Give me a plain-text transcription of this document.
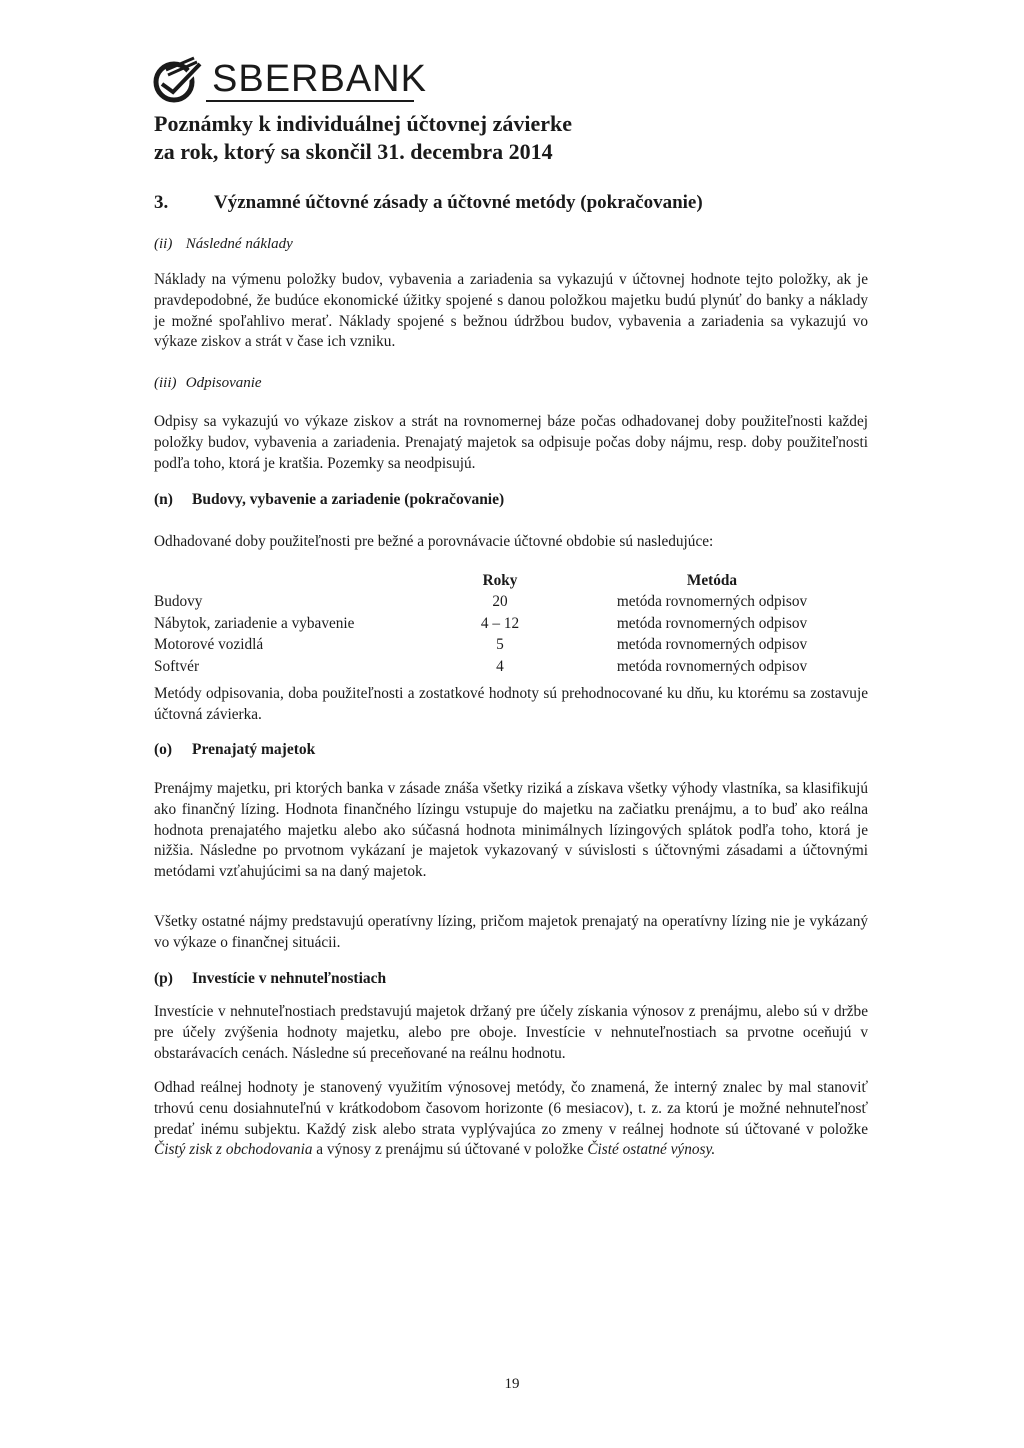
SBERBANK
Poznámky k individuálnej účtovnej závierke
za rok, ktorý sa skončil 31. decembra 2014
3. Významné účtovné zásady a účtovné metódy (pokračovanie)

(ii) Následné náklady

Náklady na výmenu položky budov, vybavenia a zariadenia sa vykazujú v účtovnej hodnote tejto položky, ak je pravdepodobné, že budúce ekonomické úžitky spojené s danou položkou majetku budú plynúť do banky a náklady je možné spoľahlivo merať. Náklady spojené s bežnou údržbou budov, vybavenia a zariadenia sa vykazujú vo výkaze ziskov a strát v čase ich vzniku.

(iii) Odpisovanie

Odpisy sa vykazujú vo výkaze ziskov a strát na rovnomernej báze počas odhadovanej doby použiteľnosti každej položky budov, vybavenia a zariadenia. Prenajatý majetok sa odpisuje počas doby nájmu, resp. doby použiteľnosti podľa toho, ktorá je kratšia. Pozemky sa neodpisujú.

(n) Budovy, vybavenie a zariadenie (pokračovanie)

Odhadované doby použiteľnosti pre bežné a porovnávacie účtovné obdobie sú nasledujúce:

	Roky	Metóda
Budovy	20	metóda rovnomerných odpisov
Nábytok, zariadenie a vybavenie	4 – 12	metóda rovnomerných odpisov
Motorové vozidlá	5	metóda rovnomerných odpisov
Softvér	4	metóda rovnomerných odpisov

Metódy odpisovania, doba použiteľnosti a zostatkové hodnoty sú prehodnocované ku dňu, ku ktorému sa zostavuje účtovná závierka.

(o) Prenajatý majetok

Prenájmy majetku, pri ktorých banka v zásade znáša všetky riziká a získava všetky výhody vlastníka, sa klasifikujú ako finančný lízing. Hodnota finančného lízingu vstupuje do majetku na začiatku prenájmu, a to buď ako reálna hodnota prenajatého majetku alebo ako súčasná hodnota minimálnych lízingových splátok podľa toho, ktorá je nižšia. Následne po prvotnom vykázaní je majetok vykazovaný v súvislosti s účtovnými zásadami a účtovnými metódami vzťahujúcimi sa na daný majetok.

Všetky ostatné nájmy predstavujú operatívny lízing, pričom majetok prenajatý na operatívny lízing nie je vykázaný vo výkaze o finančnej situácii.

(p) Investície v nehnuteľnostiach

Investície v nehnuteľnostiach predstavujú majetok držaný pre účely získania výnosov z prenájmu, alebo sú v držbe pre účely zvýšenia hodnoty majetku, alebo pre oboje. Investície v nehnuteľnostiach sa prvotne oceňujú v obstarávacích cenách. Následne sú preceňované na reálnu hodnotu.

Odhad reálnej hodnoty je stanovený využitím výnosovej metódy, čo znamená, že interný znalec by mal stanoviť trhovú cenu dosiahnuteľnú v krátkodobom časovom horizonte (6 mesiacov), t. z. za ktorú je možné nehnuteľnosť predať inému subjektu. Každý zisk alebo strata vyplývajúca zo zmeny v reálnej hodnote sú účtované v položke Čistý zisk z obchodovania a výnosy z prenájmu sú účtované v položke Čisté ostatné výnosy.

19
